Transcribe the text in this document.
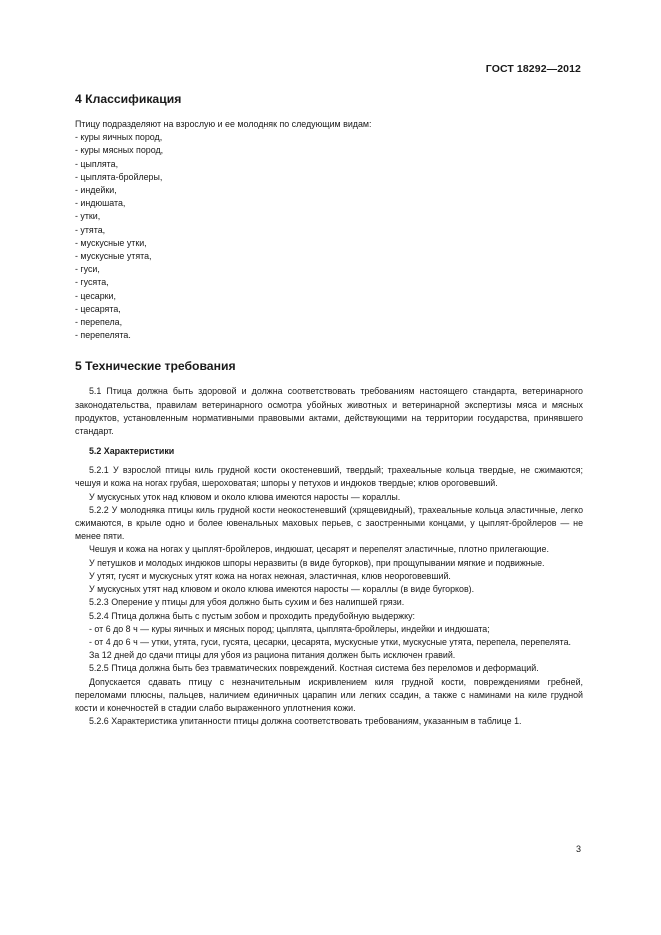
ГОСТ 18292—2012

4 Классификация

Птицу подразделяют на взрослую и ее молодняк по следующим видам:
- куры яичных пород,
- куры мясных пород,
- цыплята,
- цыплята-бройлеры,
- индейки,
- индюшата,
- утки,
- утята,
- мускусные утки,
- мускусные утята,
- гуси,
- гусята,
- цесарки,
- цесарята,
- перепела,
- перепелята.

5 Технические требования

5.1 Птица должна быть здоровой и должна соответствовать требованиям настоящего стандарта, ветеринарного законодательства, правилам ветеринарного осмотра убойных животных и ветеринарной экспертизы мяса и мясных продуктов, установленным нормативными правовыми актами, действующими на территории государства, принявшего стандарт.

5.2 Характеристики

5.2.1 У взрослой птицы киль грудной кости окостеневший, твердый; трахеальные кольца твердые, не сжимаются; чешуя и кожа на ногах грубая, шероховатая; шпоры у петухов и индюков твердые; клюв ороговевший.

У мускусных уток над клювом и около клюва имеются наросты — кораллы.

5.2.2 У молодняка птицы киль грудной кости неокостеневший (хрящевидный), трахеальные кольца эластичные, легко сжимаются, в крыле одно и более ювенальных маховых перьев, с заостренными концами, у цыплят-бройлеров — не менее пяти.

Чешуя и кожа на ногах у цыплят-бройлеров, индюшат, цесарят и перепелят эластичные, плотно прилегающие.

У петушков и молодых индюков шпоры неразвиты (в виде бугорков), при прощупывании мягкие и подвижные.

У утят, гусят и мускусных утят кожа на ногах нежная, эластичная, клюв неороговевший.

У мускусных утят над клювом и около клюва имеются наросты — кораллы (в виде бугорков).

5.2.3 Оперение у птицы для убоя должно быть сухим и без налипшей грязи.

5.2.4 Птица должна быть с пустым зобом и проходить предубойную выдержку:

- от 6 до 8 ч — куры яичных и мясных пород; цыплята, цыплята-бройлеры, индейки и индюшата;

- от 4 до 6 ч — утки, утята, гуси, гусята, цесарки, цесарята, мускусные утки, мускусные утята, перепела, перепелята.

За 12 дней до сдачи птицы для убоя из рациона питания должен быть исключен гравий.

5.2.5 Птица должна быть без травматических повреждений. Костная система без переломов и деформаций.

Допускается сдавать птицу с незначительным искривлением киля грудной кости, повреждениями гребней, переломами плюсны, пальцев, наличием единичных царапин или легких ссадин, а также с наминами на киле грудной кости и конечностей в стадии слабо выраженного уплотнения кожи.

5.2.6 Характеристика упитанности птицы должна соответствовать требованиям, указанным в таблице 1.

3
